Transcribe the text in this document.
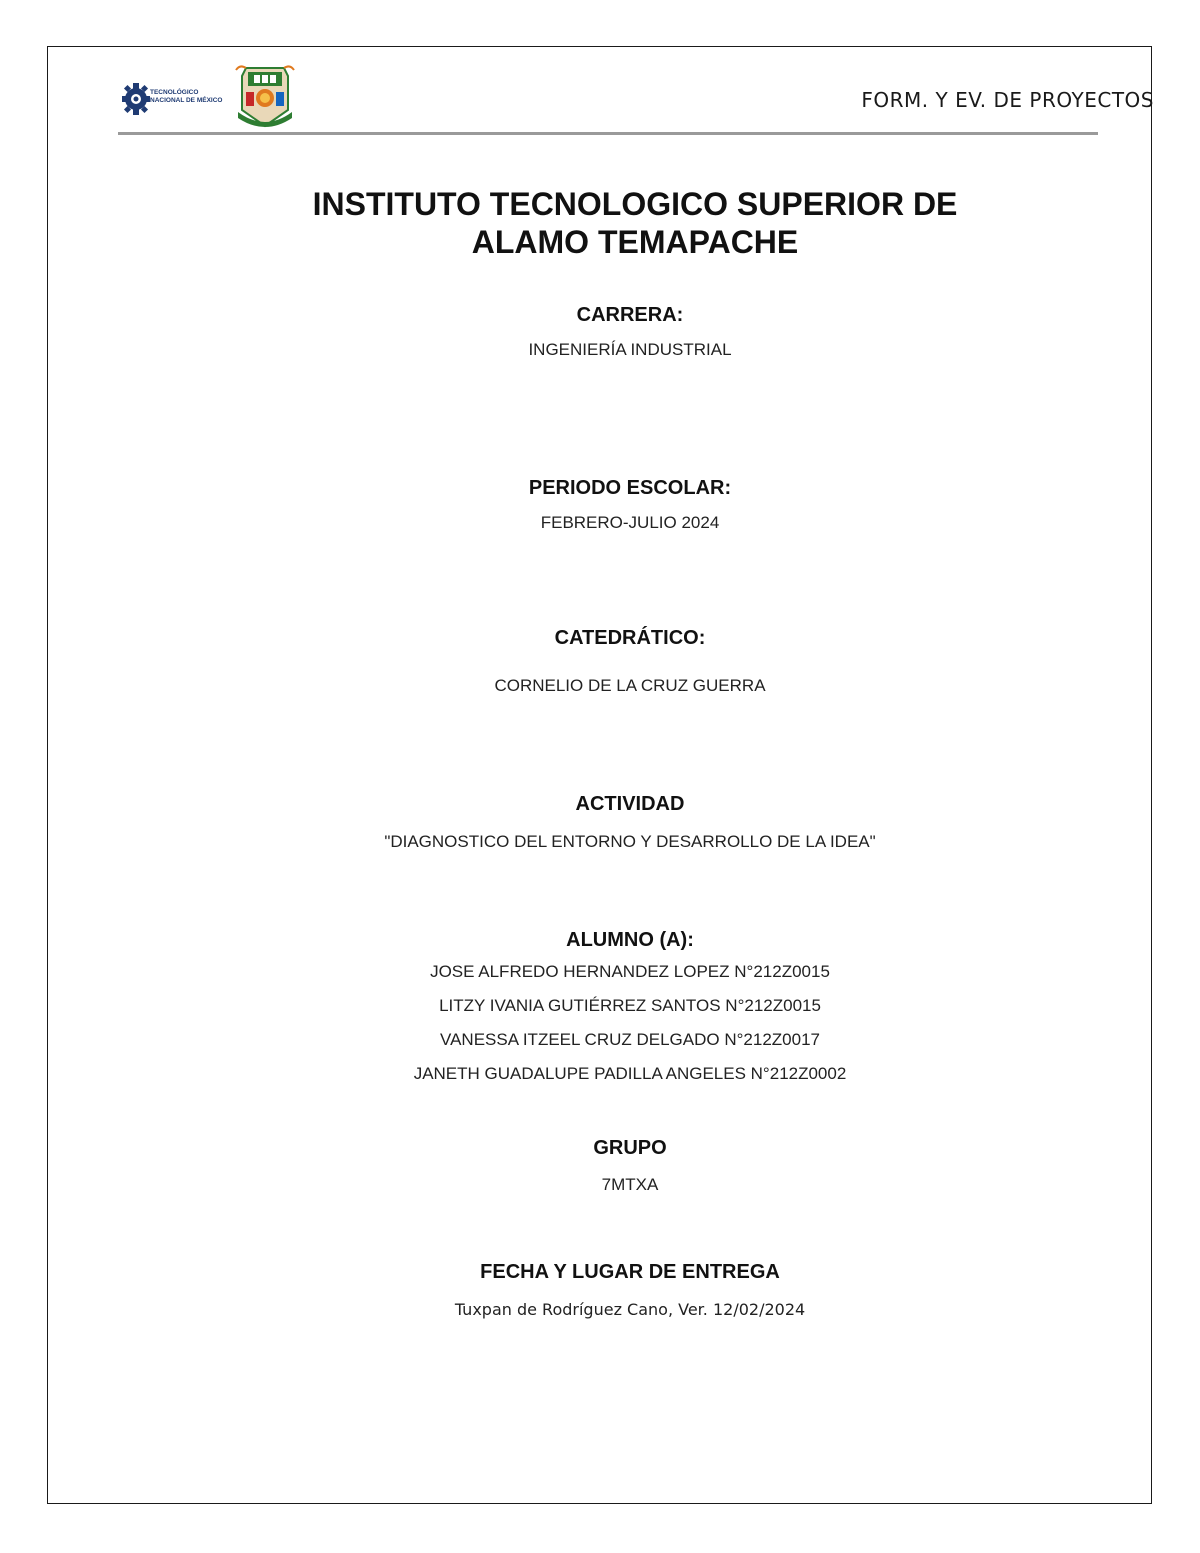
TECNOLÓGICO
NACIONAL DE MÉXICO	FORM. Y EV. DE PROYECTOS
INSTITUTO TECNOLOGICO SUPERIOR DE
ALAMO TEMAPACHE

CARRERA:

INGENIERÍA INDUSTRIAL

PERIODO ESCOLAR:

FEBRERO-JULIO 2024

CATEDRÁTICO:

CORNELIO DE LA CRUZ GUERRA

ACTIVIDAD

"DIAGNOSTICO DEL ENTORNO Y DESARROLLO DE LA IDEA"

ALUMNO (A):

JOSE ALFREDO HERNANDEZ LOPEZ N°212Z0015

LITZY IVANIA GUTIÉRREZ SANTOS N°212Z0015

VANESSA ITZEEL CRUZ DELGADO N°212Z0017

JANETH GUADALUPE PADILLA ANGELES N°212Z0002

GRUPO

7MTXA

FECHA Y LUGAR DE ENTREGA

Tuxpan de Rodríguez Cano, Ver. 12/02/2024
